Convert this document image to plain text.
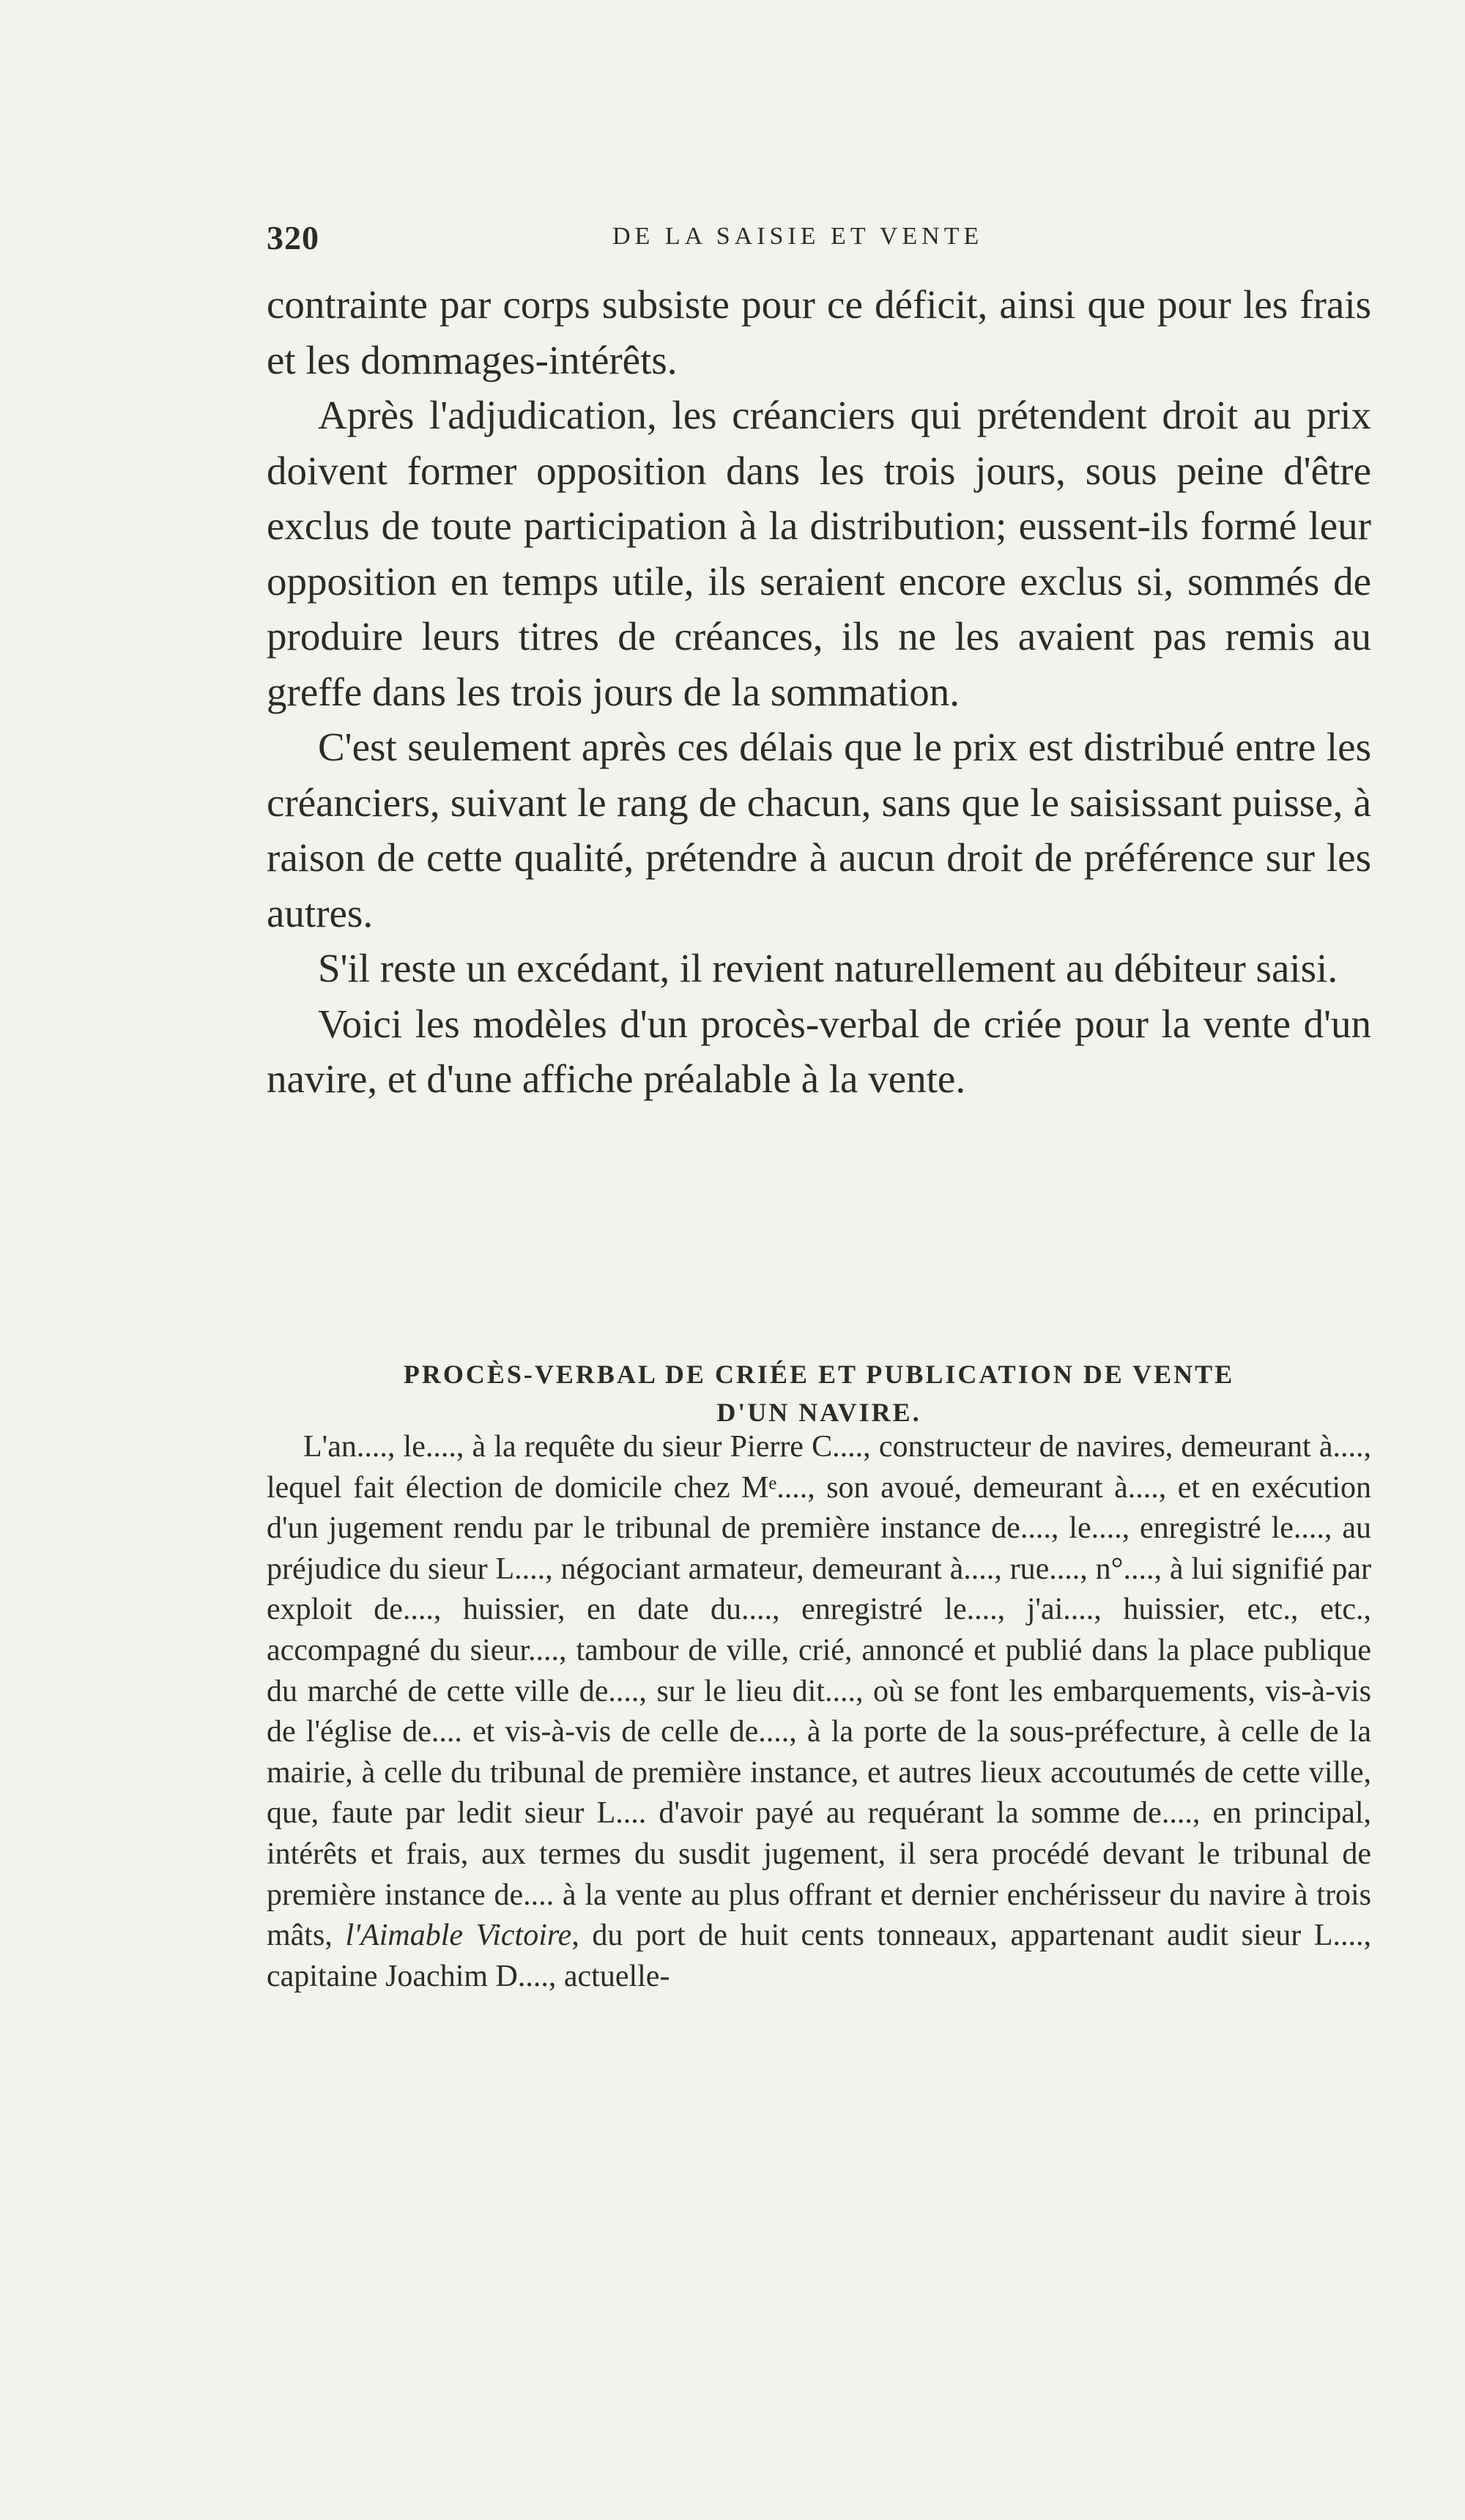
320	DE LA SAISIE ET VENTE

contrainte par corps subsiste pour ce déficit, ainsi que pour les frais et les dommages-intérêts.

Après l'adjudication, les créanciers qui prétendent droit au prix doivent former opposition dans les trois jours, sous peine d'être exclus de toute participation à la distribution; eussent-ils formé leur opposition en temps utile, ils seraient encore exclus si, sommés de produire leurs titres de créances, ils ne les avaient pas remis au greffe dans les trois jours de la sommation.

C'est seulement après ces délais que le prix est distribué entre les créanciers, suivant le rang de chacun, sans que le saisissant puisse, à raison de cette qualité, prétendre à aucun droit de préférence sur les autres.

S'il reste un excédant, il revient naturellement au débiteur saisi.

Voici les modèles d'un procès-verbal de criée pour la vente d'un navire, et d'une affiche préalable à la vente.

PROCÈS-VERBAL DE CRIÉE ET PUBLICATION DE VENTE
D'UN NAVIRE.

L'an...., le...., à la requête du sieur Pierre C...., constructeur de navires, demeurant à...., lequel fait élection de domicile chez Mᵉ...., son avoué, demeurant à...., et en exécution d'un jugement rendu par le tribunal de première instance de...., le...., enregistré le...., au préjudice du sieur L...., négociant armateur, demeurant à...., rue...., n°...., à lui signifié par exploit de...., huissier, en date du...., enregistré le...., j'ai...., huissier, etc., etc., accompagné du sieur...., tambour de ville, crié, annoncé et publié dans la place publique du marché de cette ville de...., sur le lieu dit...., où se font les embarquements, vis-à-vis de l'église de.... et vis-à-vis de celle de...., à la porte de la sous-préfecture, à celle de la mairie, à celle du tribunal de première instance, et autres lieux accoutumés de cette ville, que, faute par ledit sieur L.... d'avoir payé au requérant la somme de...., en principal, intérêts et frais, aux termes du susdit jugement, il sera procédé devant le tribunal de première instance de.... à la vente au plus offrant et dernier enchérisseur du navire à trois mâts, l'Aimable Victoire, du port de huit cents tonneaux, appartenant audit sieur L...., capitaine Joachim D...., actuelle-
